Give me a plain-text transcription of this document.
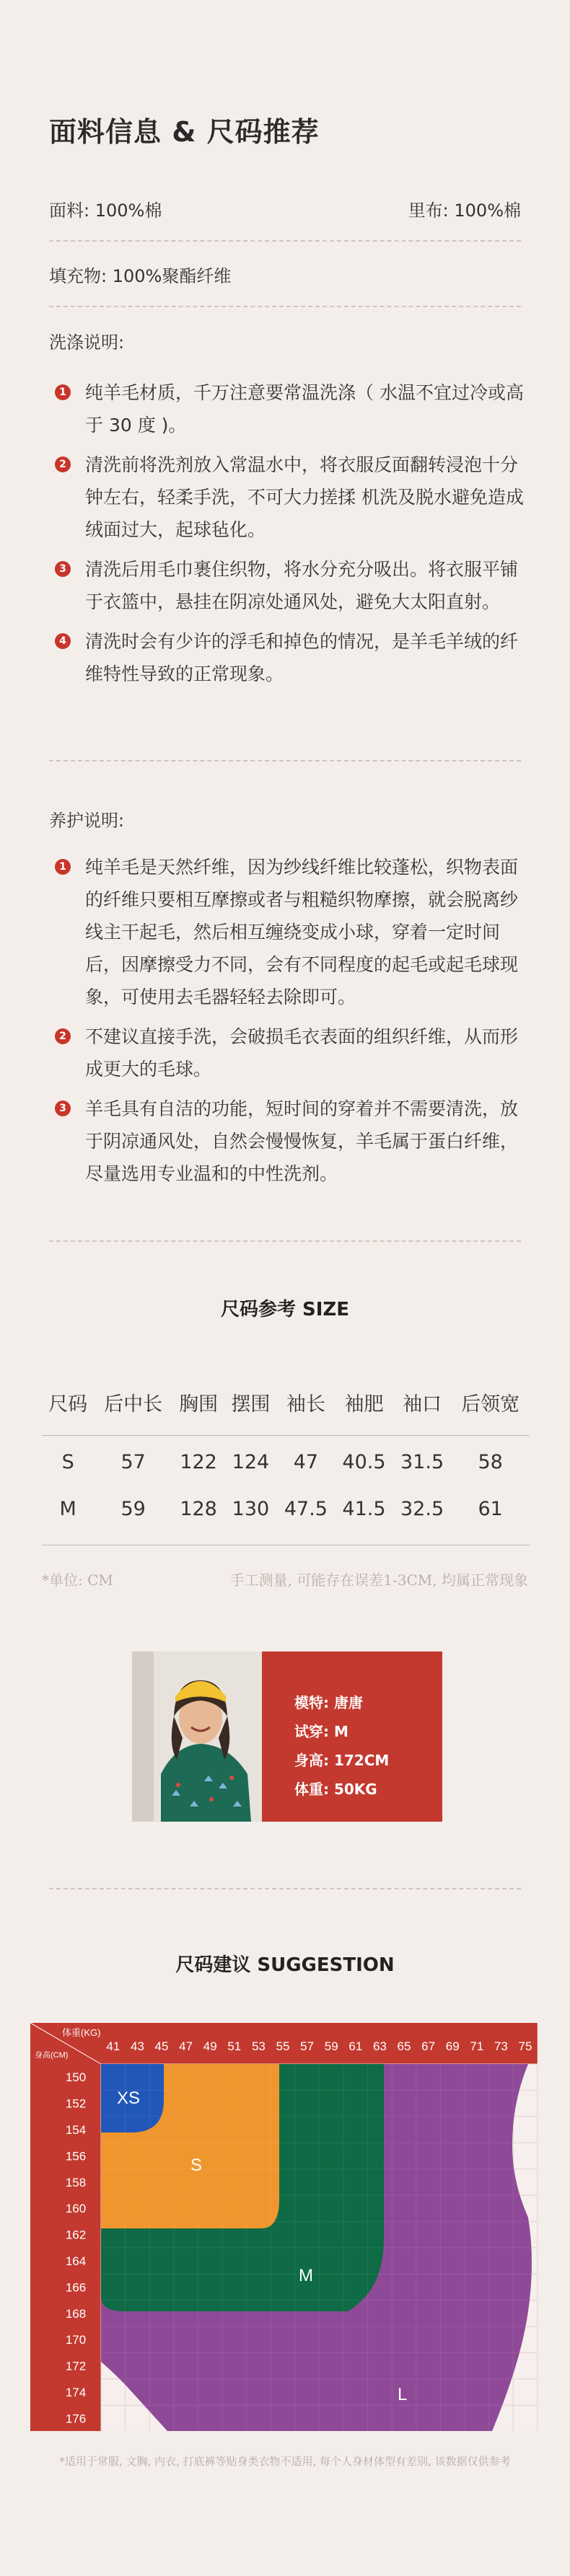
面料信息 & 尺码推荐
面料: 100%棉	里布: 100%棉
填充物: 100%聚酯纤维
洗涤说明:
1 纯羊毛材质，千万注意要常温洗涤（ 水温不宜过冷或高于 30 度 )。
2 清洗前将洗剂放入常温水中，将衣服反面翻转浸泡十分钟左右，轻柔手洗，不可大力搓揉 机洗及脱水避免造成绒面过大，起球毡化。
3 清洗后用毛巾裹住织物，将水分充分吸出。将衣服平铺于衣篮中，悬挂在阴凉处通风处，避免大太阳直射。
4 清洗时会有少许的浮毛和掉色的情况，是羊毛羊绒的纤维特性导致的正常现象。
养护说明:
1 纯羊毛是天然纤维，因为纱线纤维比较蓬松，织物表面的纤维只要相互摩擦或者与粗糙织物摩擦，就会脱离纱线主干起毛，然后相互缠绕变成小球，穿着一定时间后，因摩擦受力不同，会有不同程度的起毛或起毛球现象，可使用去毛器轻轻去除即可。
2 不建议直接手洗，会破损毛衣表面的组织纤维，从而形成更大的毛球。
3 羊毛具有自洁的功能，短时间的穿着并不需要清洗，放于阴凉通风处，自然会慢慢恢复，羊毛属于蛋白纤维，尽量选用专业温和的中性洗剂。
尺码参考 SIZE
尺码	后中长	胸围	摆围	袖长	袖肥	袖口	后领宽

S	57	122	124	47	40.5	31.5	58
M	59	128	130	47.5	41.5	32.5	61

*单位: CM	手工测量, 可能存在误差1-3CM, 均属正常现象
模特: 唐唐
试穿: M
身高: 172CM
体重: 50KG
尺码建议 SUGGESTION
体重(KG)
身高(CM)
41 43 45 47 49 51 53 55 57 59 61 63 65 67 69 71 73 75
150
152
154
156
158
160
162
164
166
168
170
172
174
176
XS
S
M
L
*适用于常服, 文胸, 内衣, 打底裤等贴身类衣物不适用, 每个人身材体型有差别, 该数据仅供参考
